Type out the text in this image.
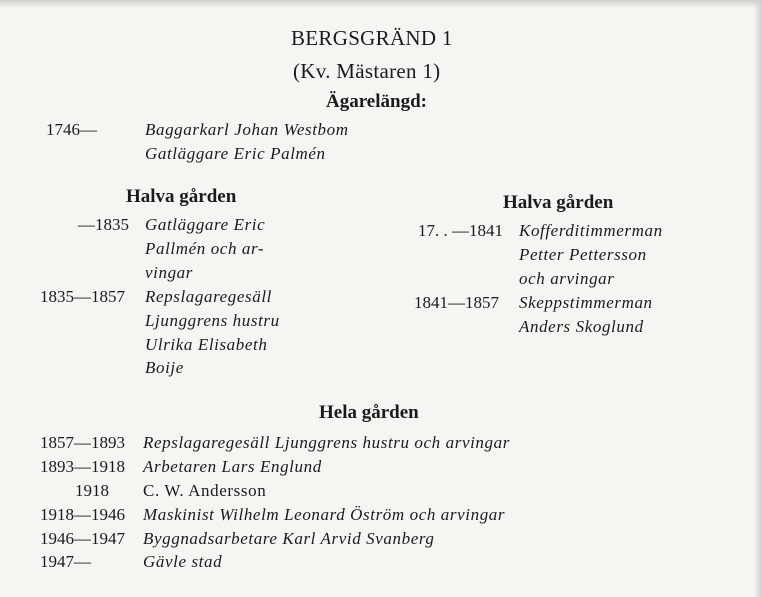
BERGSGRÄND 1
(Kv. Mästaren 1)
Ägarelängd:
1746—	Baggarkarl Johan Westbom
Gatläggare Eric Palmén
Halva gården
—1835 Gatläggare Eric
Pallmén och ar-
vingar
1835—1857 Repslagaregesäll
Ljunggrens hustru
Ulrika Elisabeth
Boije
Halva gården
17. . —1841 Kofferditimmerman
Petter Pettersson
och arvingar
1841—1857 Skeppstimmerman
Anders Skoglund
Hela gården
1857—1893 Repslagaregesäll Ljunggrens hustru och arvingar
1893—1918 Arbetaren Lars Englund
1918 C. W. Andersson
1918—1946 Maskinist Wilhelm Leonard Öström och arvingar
1946—1947 Byggnadsarbetare Karl Arvid Svanberg
1947—	Gävle stad
